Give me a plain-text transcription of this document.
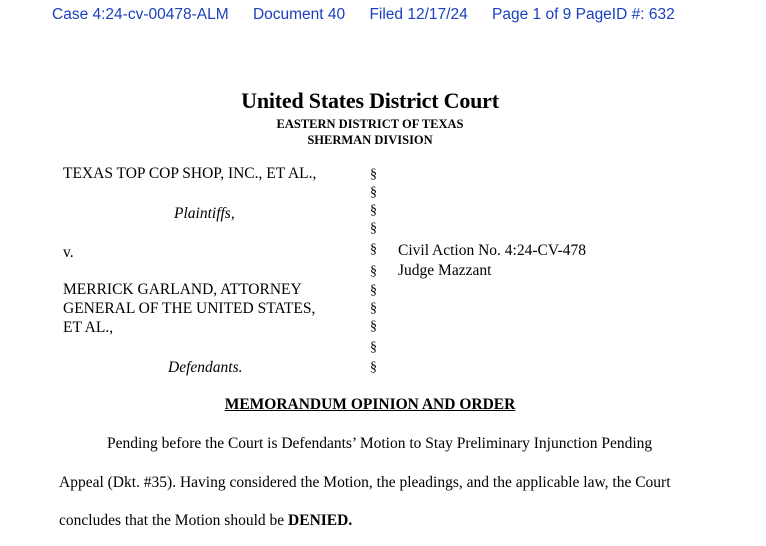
Case 4:24-cv-00478-ALM Document 40 Filed 12/17/24 Page 1 of 9 PageID #: 632
United States District Court
EASTERN DISTRICT OF TEXAS
SHERMAN DIVISION
TEXAS TOP COP SHOP, INC., ET AL.,
Plaintiffs,
v.
MERRICK GARLAND, ATTORNEY
GENERAL OF THE UNITED STATES,
ET AL.,
Defendants.
§
§
§
§
§
§
§
§
§
§
§
Civil Action No. 4:24-CV-478
Judge Mazzant
MEMORANDUM OPINION AND ORDER
Pending before the Court is Defendants’ Motion to Stay Preliminary Injunction Pending
Appeal (Dkt. #35). Having considered the Motion, the pleadings, and the applicable law, the Court
concludes that the Motion should be DENIED.
